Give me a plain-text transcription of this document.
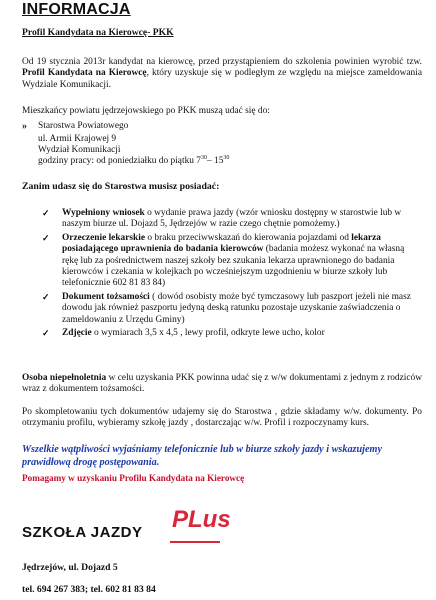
INFORMACJA
Profil Kandydata na Kierowcę- PKK
Od 19 stycznia 2013r kandydat na kierowcę, przed przystąpieniem do szkolenia powinien wyrobić tzw. Profil Kandydata na Kierowcę, który uzyskuje się w podległym ze względu na miejsce zameldowania Wydziale Komunikacji.
Mieszkańcy powiatu jędrzejowskiego po PKK muszą udać się do:
» Starostwa Powiatowego
ul. Armii Krajowej 9
Wydział Komunikacji
godziny pracy: od poniedziałku do piątku $7^{30}-$ $15^{30}$
Zanim udasz się do Starostwa musisz posiadać:
✓ Wypełniony wniosek o wydanie prawa jazdy (wzór wniosku dostępny w starostwie lub w naszym biurze ul. Dojazd 5, Jędrzejów w razie czego chętnie pomożemy.)
✓ Orzeczenie lekarskie o braku przeciwwskazań do kierowania pojazdami od lekarza posiadającego uprawnienia do badania kierowców (badania możesz wykonać na własną rękę lub za pośrednictwem naszej szkoły bez szukania lekarza uprawnionego do badania kierowców i czekania w kolejkach po wcześniejszym uzgodnieniu w biurze szkoły lub telefonicznie 602 81 83 84)
✓ Dokument tożsamości ( dowód osobisty może być tymczasowy lub paszport jeżeli nie masz dowodu jak również paszportu jedyną deską ratunku pozostaje uzyskanie zaświadczenia o zameldowaniu z Urzędu Gminy)
✓ Zdjęcie o wymiarach 3,5 x 4,5 , lewy profil, odkryte lewe ucho, kolor
Osoba niepełnoletnia w celu uzyskania PKK powinna udać się z w/w dokumentami z jednym z rodziców wraz z dokumentem tożsamości.
Po skompletowaniu tych dokumentów udajemy się do Starostwa , gdzie składamy w/w. dokumenty. Po otrzymaniu profilu, wybieramy szkołę jazdy , dostarczając w/w. Profil i rozpoczynamy kurs.
Wszelkie wątpliwości wyjaśniamy telefonicznie lub w biurze szkoły jazdy i wskazujemy prawidłową drogę postępowania.
Pomagamy w uzyskaniu Profilu Kandydata na Kierowcę
SZKOŁA JAZDY PLus
Jędrzejów, ul. Dojazd 5
tel. 694 267 383; tel. 602 81 83 84
